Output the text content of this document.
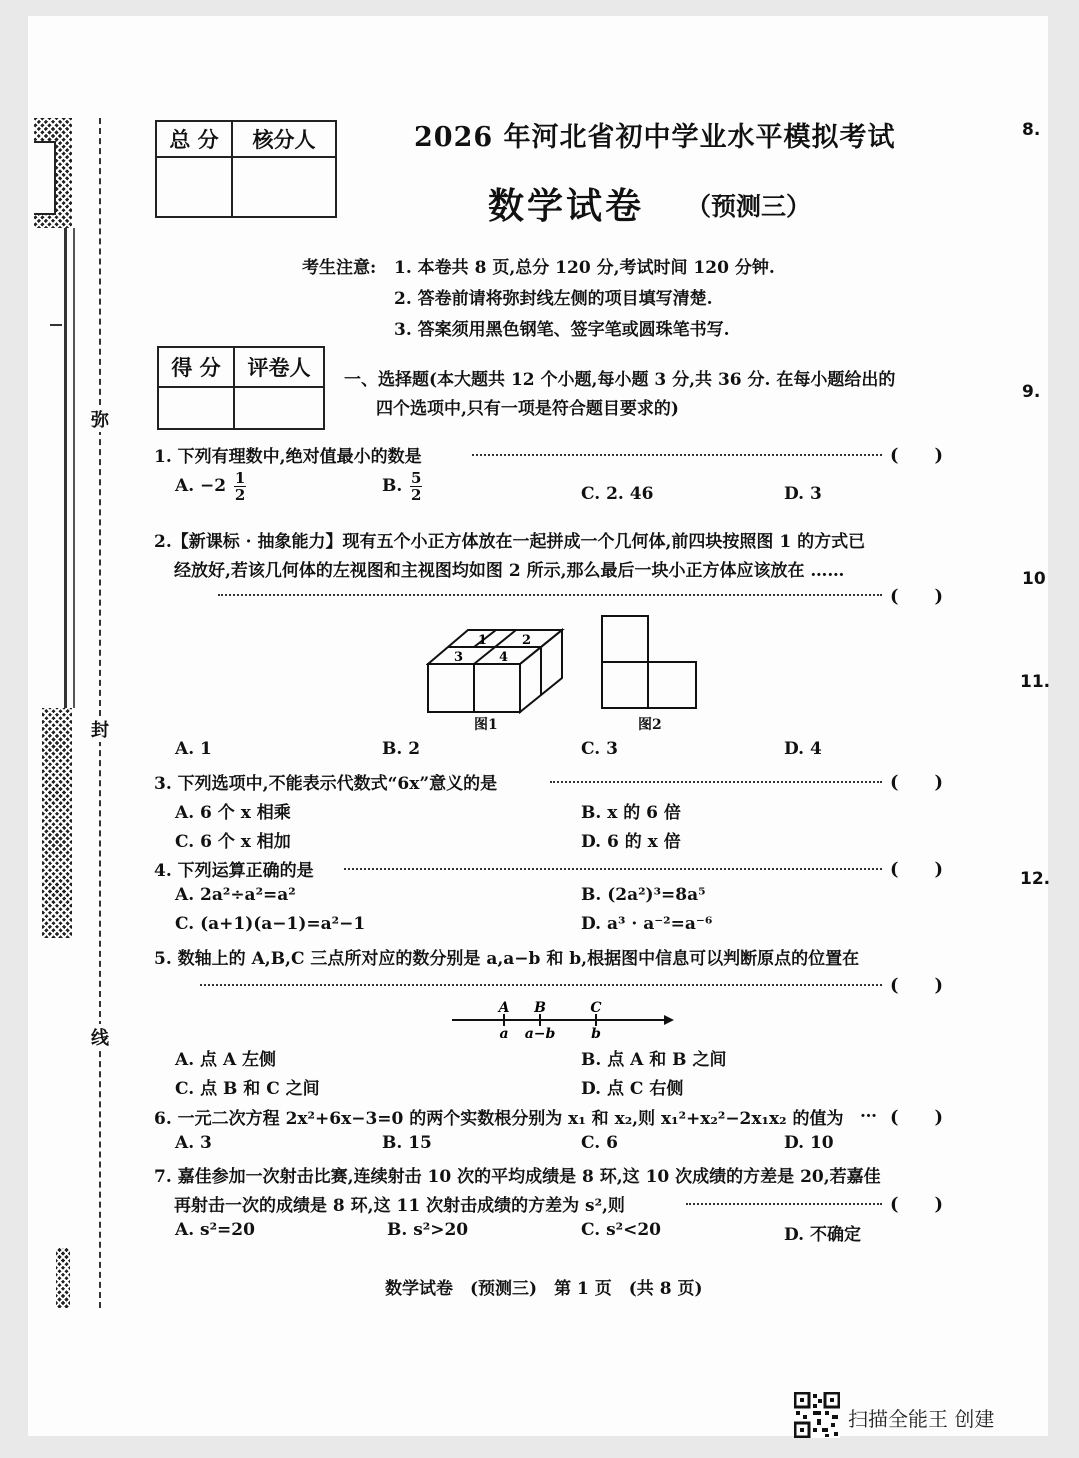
弥
封
线
8.
9.
10
11.
12.
总 分	核分人
		2026 年河北省初中学业水平模拟考试
数学试卷 （预测三）
考生注意: 1. 本卷共 8 页,总分 120 分,考试时间 120 分钟.
2. 答卷前请将弥封线左侧的项目填写清楚.
3. 答案须用黑色钢笔、签字笔或圆珠笔书写.
得 分	评卷人
	一、选择题(本大题共 12 个小题,每小题 3 分,共 36 分. 在每小题给出的
四个选项中,只有一项是符合题目要求的)
1. 下列有理数中,绝对值最小的数是	(　　)
A. $-2 \frac{1}{2}$	B. $\frac{5}{2}$	C. 2. 46	D. 3
2.【新课标 · 抽象能力】现有五个小正方体放在一起拼成一个几何体,前四块按照图 1 的方式已
经放好,若该几何体的左视图和主视图均如图 2 所示,那么最后一块小正方体应该放在 ……
(　　)
1	2
3	4
图1	图2
A. 1	B. 2	C. 3	D. 4
3. 下列选项中,不能表示代数式“6x”意义的是	(　　)
A. 6 个 x 相乘	B. x 的 6 倍
C. 6 个 x 相加	D. 6 的 x 倍
4. 下列运算正确的是	(　　)
A. 2a²÷a²=a²	B. (2a²)³=8a⁵
C. (a+1)(a−1)=a²−1	D. a³ · a⁻²=a⁻⁶
5. 数轴上的 A,B,C 三点所对应的数分别是 a,a−b 和 b,根据图中信息可以判断原点的位置在
(　　)
A B	C
a a−b	b
A. 点 A 左侧	B. 点 A 和 B 之间
C. 点 B 和 C 之间	D. 点 C 右侧
6. 一元二次方程 2x²+6x−3=0 的两个实数根分别为 x₁ 和 x₂,则 x₁²+x₂²−2x₁x₂ 的值为 … (　　)
A. 3	B. 15	C. 6	D. 10
7. 嘉佳参加一次射击比赛,连续射击 10 次的平均成绩是 8 环,这 10 次成绩的方差是 20,若嘉佳
再射击一次的成绩是 8 环,这 11 次射击成绩的方差为 s²,则	(　　)
A. s²=20	B. s²>20	C. s²<20	D. 不确定
数学试卷　(预测三)　第 1 页　(共 8 页)
扫描全能王 创建
